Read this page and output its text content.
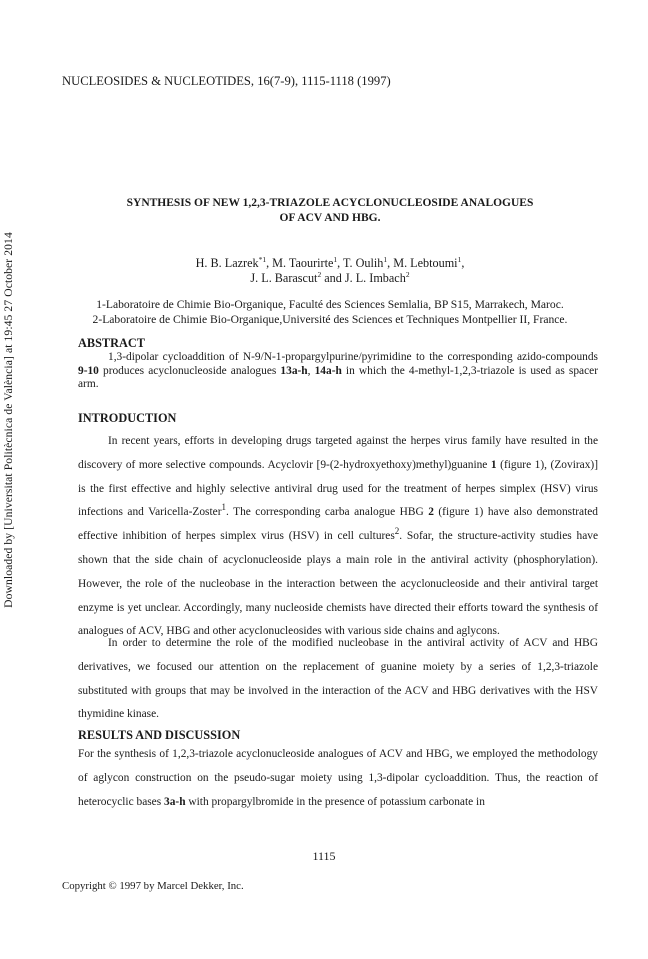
Downloaded by [Universitat Politècnica de València] at 19:45 27 October 2014
NUCLEOSIDES & NUCLEOTIDES, 16(7-9), 1115-1118 (1997)
SYNTHESIS OF NEW 1,2,3-TRIAZOLE ACYCLONUCLEOSIDE ANALOGUES
OF ACV AND HBG.
H. B. Lazrek$^{*1}$, M. Taourirte$^1$, T. Oulih$^1$, M. Lebtoumi$^1$,
J. L. Barascut$^2$ and J. L. Imbach$^2$
1-Laboratoire de Chimie Bio-Organique, Faculté des Sciences Semlalia, BP S15, Marrakech, Maroc.
2-Laboratoire de Chimie Bio-Organique,Université des Sciences et Techniques Montpellier II, France.
ABSTRACT
1,3-dipolar cycloaddition of N-9/N-1-propargylpurine/pyrimidine to the corresponding azido-compounds 9-10 produces acyclonucleoside analogues 13a-h, 14a-h in which the 4-methyl-1,2,3-triazole is used as spacer arm.
INTRODUCTION
In recent years, efforts in developing drugs targeted against the herpes virus family have resulted in the discovery of more selective compounds. Acyclovir [9-(2-hydroxyethoxy)methyl)guanine 1 (figure 1), (Zovirax)] is the first effective and highly selective antiviral drug used for the treatment of herpes simplex (HSV) virus infections and Varicella-Zoster$^1$. The corresponding carba analogue HBG 2 (figure 1) have also demonstrated effective inhibition of herpes simplex virus (HSV) in cell cultures$^2$. Sofar, the structure-activity studies have shown that the side chain of acyclonucleoside plays a main role in the antiviral activity (phosphorylation). However, the role of the nucleobase in the interaction between the acyclonucleoside and their antiviral target enzyme is yet unclear. Accordingly, many nucleoside chemists have directed their efforts toward the synthesis of analogues of ACV, HBG and other acyclonucleosides with various side chains and aglycons.
In order to determine the role of the modified nucleobase in the antiviral activity of ACV and HBG derivatives, we focused our attention on the replacement of guanine moiety by a series of 1,2,3-triazole substituted with groups that may be involved in the interaction of the ACV and HBG derivatives with the HSV thymidine kinase.
RESULTS AND DISCUSSION
For the synthesis of 1,2,3-triazole acyclonucleoside analogues of ACV and HBG, we employed the methodology of aglycon construction on the pseudo-sugar moiety using 1,3-dipolar cycloaddition. Thus, the reaction of heterocyclic bases 3a-h with propargylbromide in the presence of potassium carbonate in
1115
Copyright © 1997 by Marcel Dekker, Inc.
